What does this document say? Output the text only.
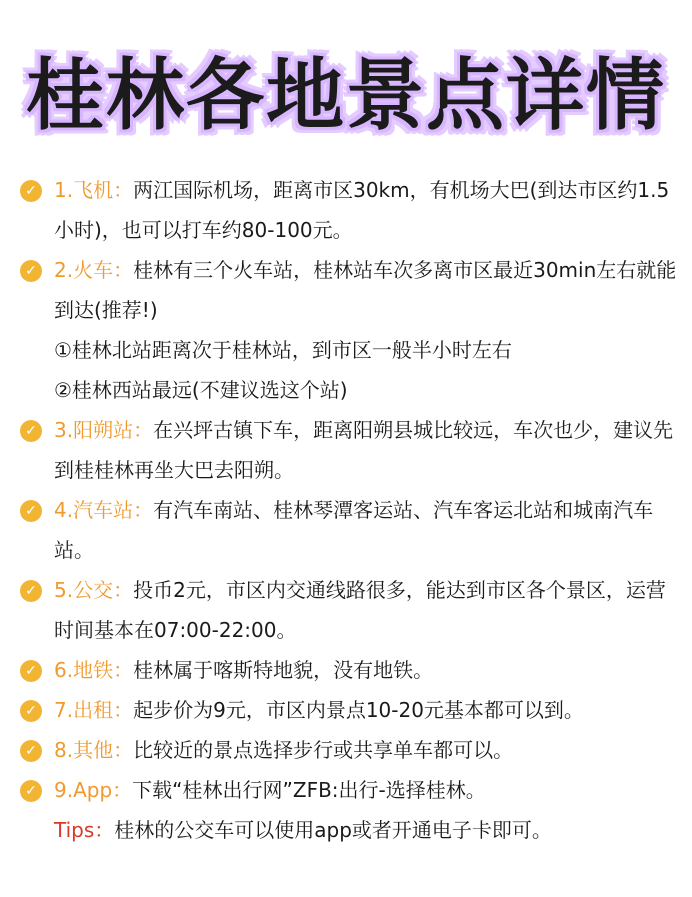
桂林各地景点详情
✓ 1.飞机：两江国际机场，距离市区30km，有机场大巴(到达市区约1.5小时)，也可以打车约80-100元。
✓ 2.火车：桂林有三个火车站，桂林站车次多离市区最近30min左右就能到达(推荐!)
①桂林北站距离次于桂林站，到市区一般半小时左右
②桂林西站最远(不建议选这个站)
✓ 3.阳朔站：在兴坪古镇下车，距离阳朔县城比较远，车次也少，建议先到桂桂林再坐大巴去阳朔。
✓ 4.汽车站：有汽车南站、桂林琴潭客运站、汽车客运北站和城南汽车站。
✓ 5.公交：投币2元，市区内交通线路很多，能达到市区各个景区，运营时间基本在07:00-22:00。
✓ 6.地铁：桂林属于喀斯特地貌，没有地铁。
✓ 7.出租：起步价为9元，市区内景点10-20元基本都可以到。
✓ 8.其他：比较近的景点选择步行或共享单车都可以。
✓ 9.App：下载“桂林出行网”ZFB:出行-选择桂林。
Tips：桂林的公交车可以使用app或者开通电子卡即可。
